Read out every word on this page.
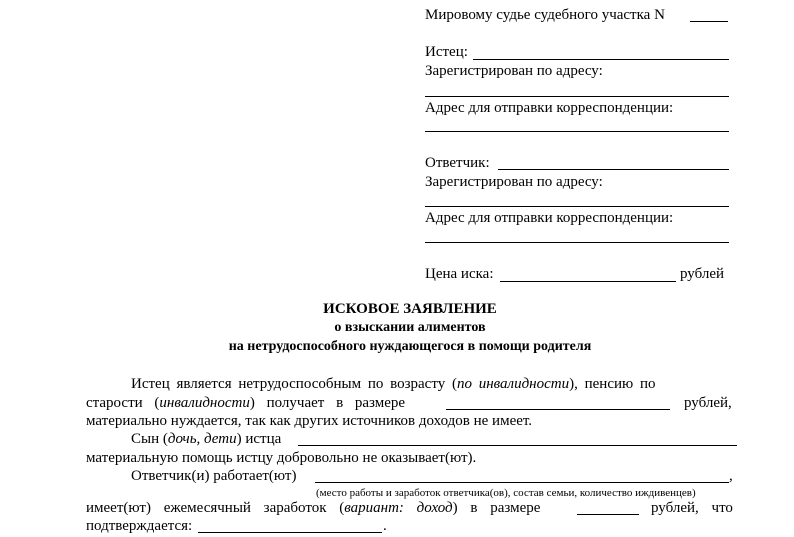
Мировому судье судебного участка N
Истец:
Зарегистрирован по адресу:
Адрес для отправки корреспонденции:
Ответчик:
Зарегистрирован по адресу:
Адрес для отправки корреспонденции:
Цена иска:	рублей
ИСКОВОЕ ЗАЯВЛЕНИЕ
о взыскании алиментов
на нетрудоспособного нуждающегося в помощи родителя
Истец является нетрудоспособным по возрасту (по инвалидности), пенсию по
старости (инвалидности) получает в размере	рублей,
материально нуждается, так как других источников доходов не имеет.
Сын (дочь, дети) истца
материальную помощь истцу добровольно не оказывает(ют).
Ответчик(и) работает(ют)	,
(место работы и заработок ответчика(ов), состав семьи, количество иждивенцев)
имеет(ют) ежемесячный заработок (вариант: доход) в размере	рублей, что
подтверждается:	.
